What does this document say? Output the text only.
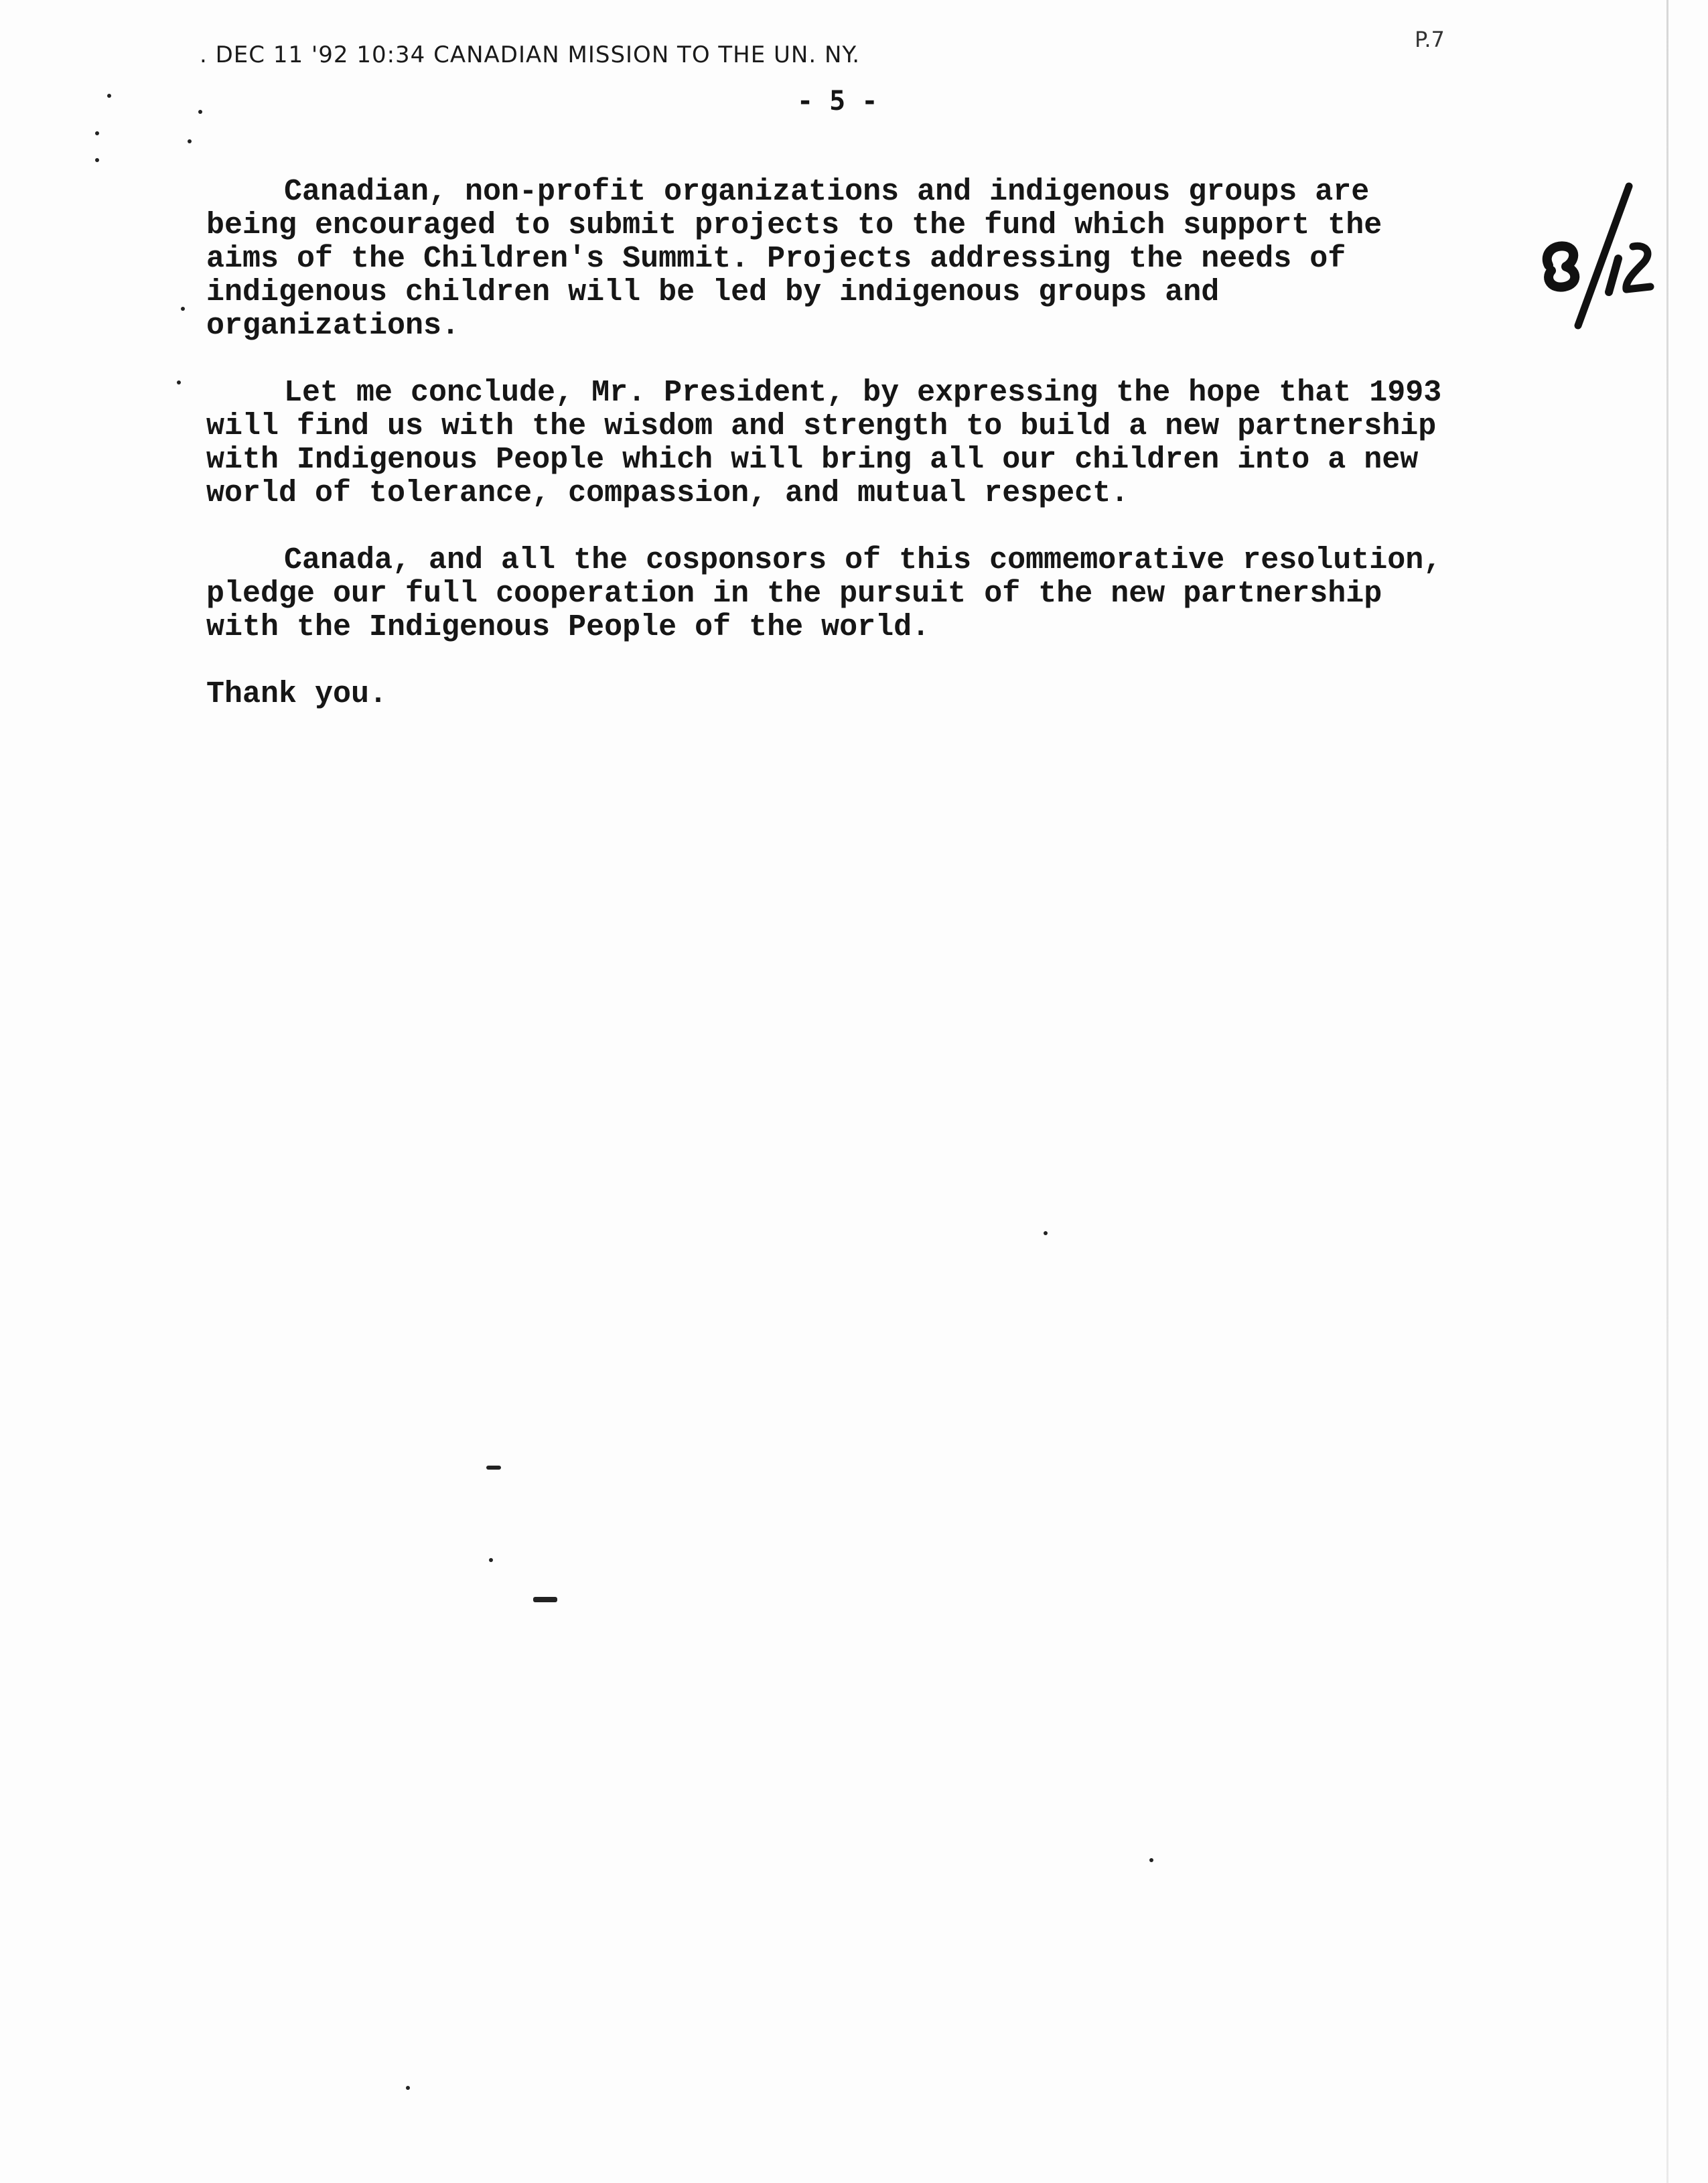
. DEC 11 '92 10:34 CANADIAN MISSION TO THE UN. NY.
P.7
- 5 -

Canadian, non-profit organizations and indigenous groups are
being encouraged to submit projects to the fund which support the
aims of the Children's Summit. Projects addressing the needs of
indigenous children will be led by indigenous groups and
organizations.

Let me conclude, Mr. President, by expressing the hope that 1993
will find us with the wisdom and strength to build a new partnership
with Indigenous People which will bring all our children into a new
world of tolerance, compassion, and mutual respect.

Canada, and all the cosponsors of this commemorative resolution,
pledge our full cooperation in the pursuit of the new partnership
with the Indigenous People of the world.

Thank you.
